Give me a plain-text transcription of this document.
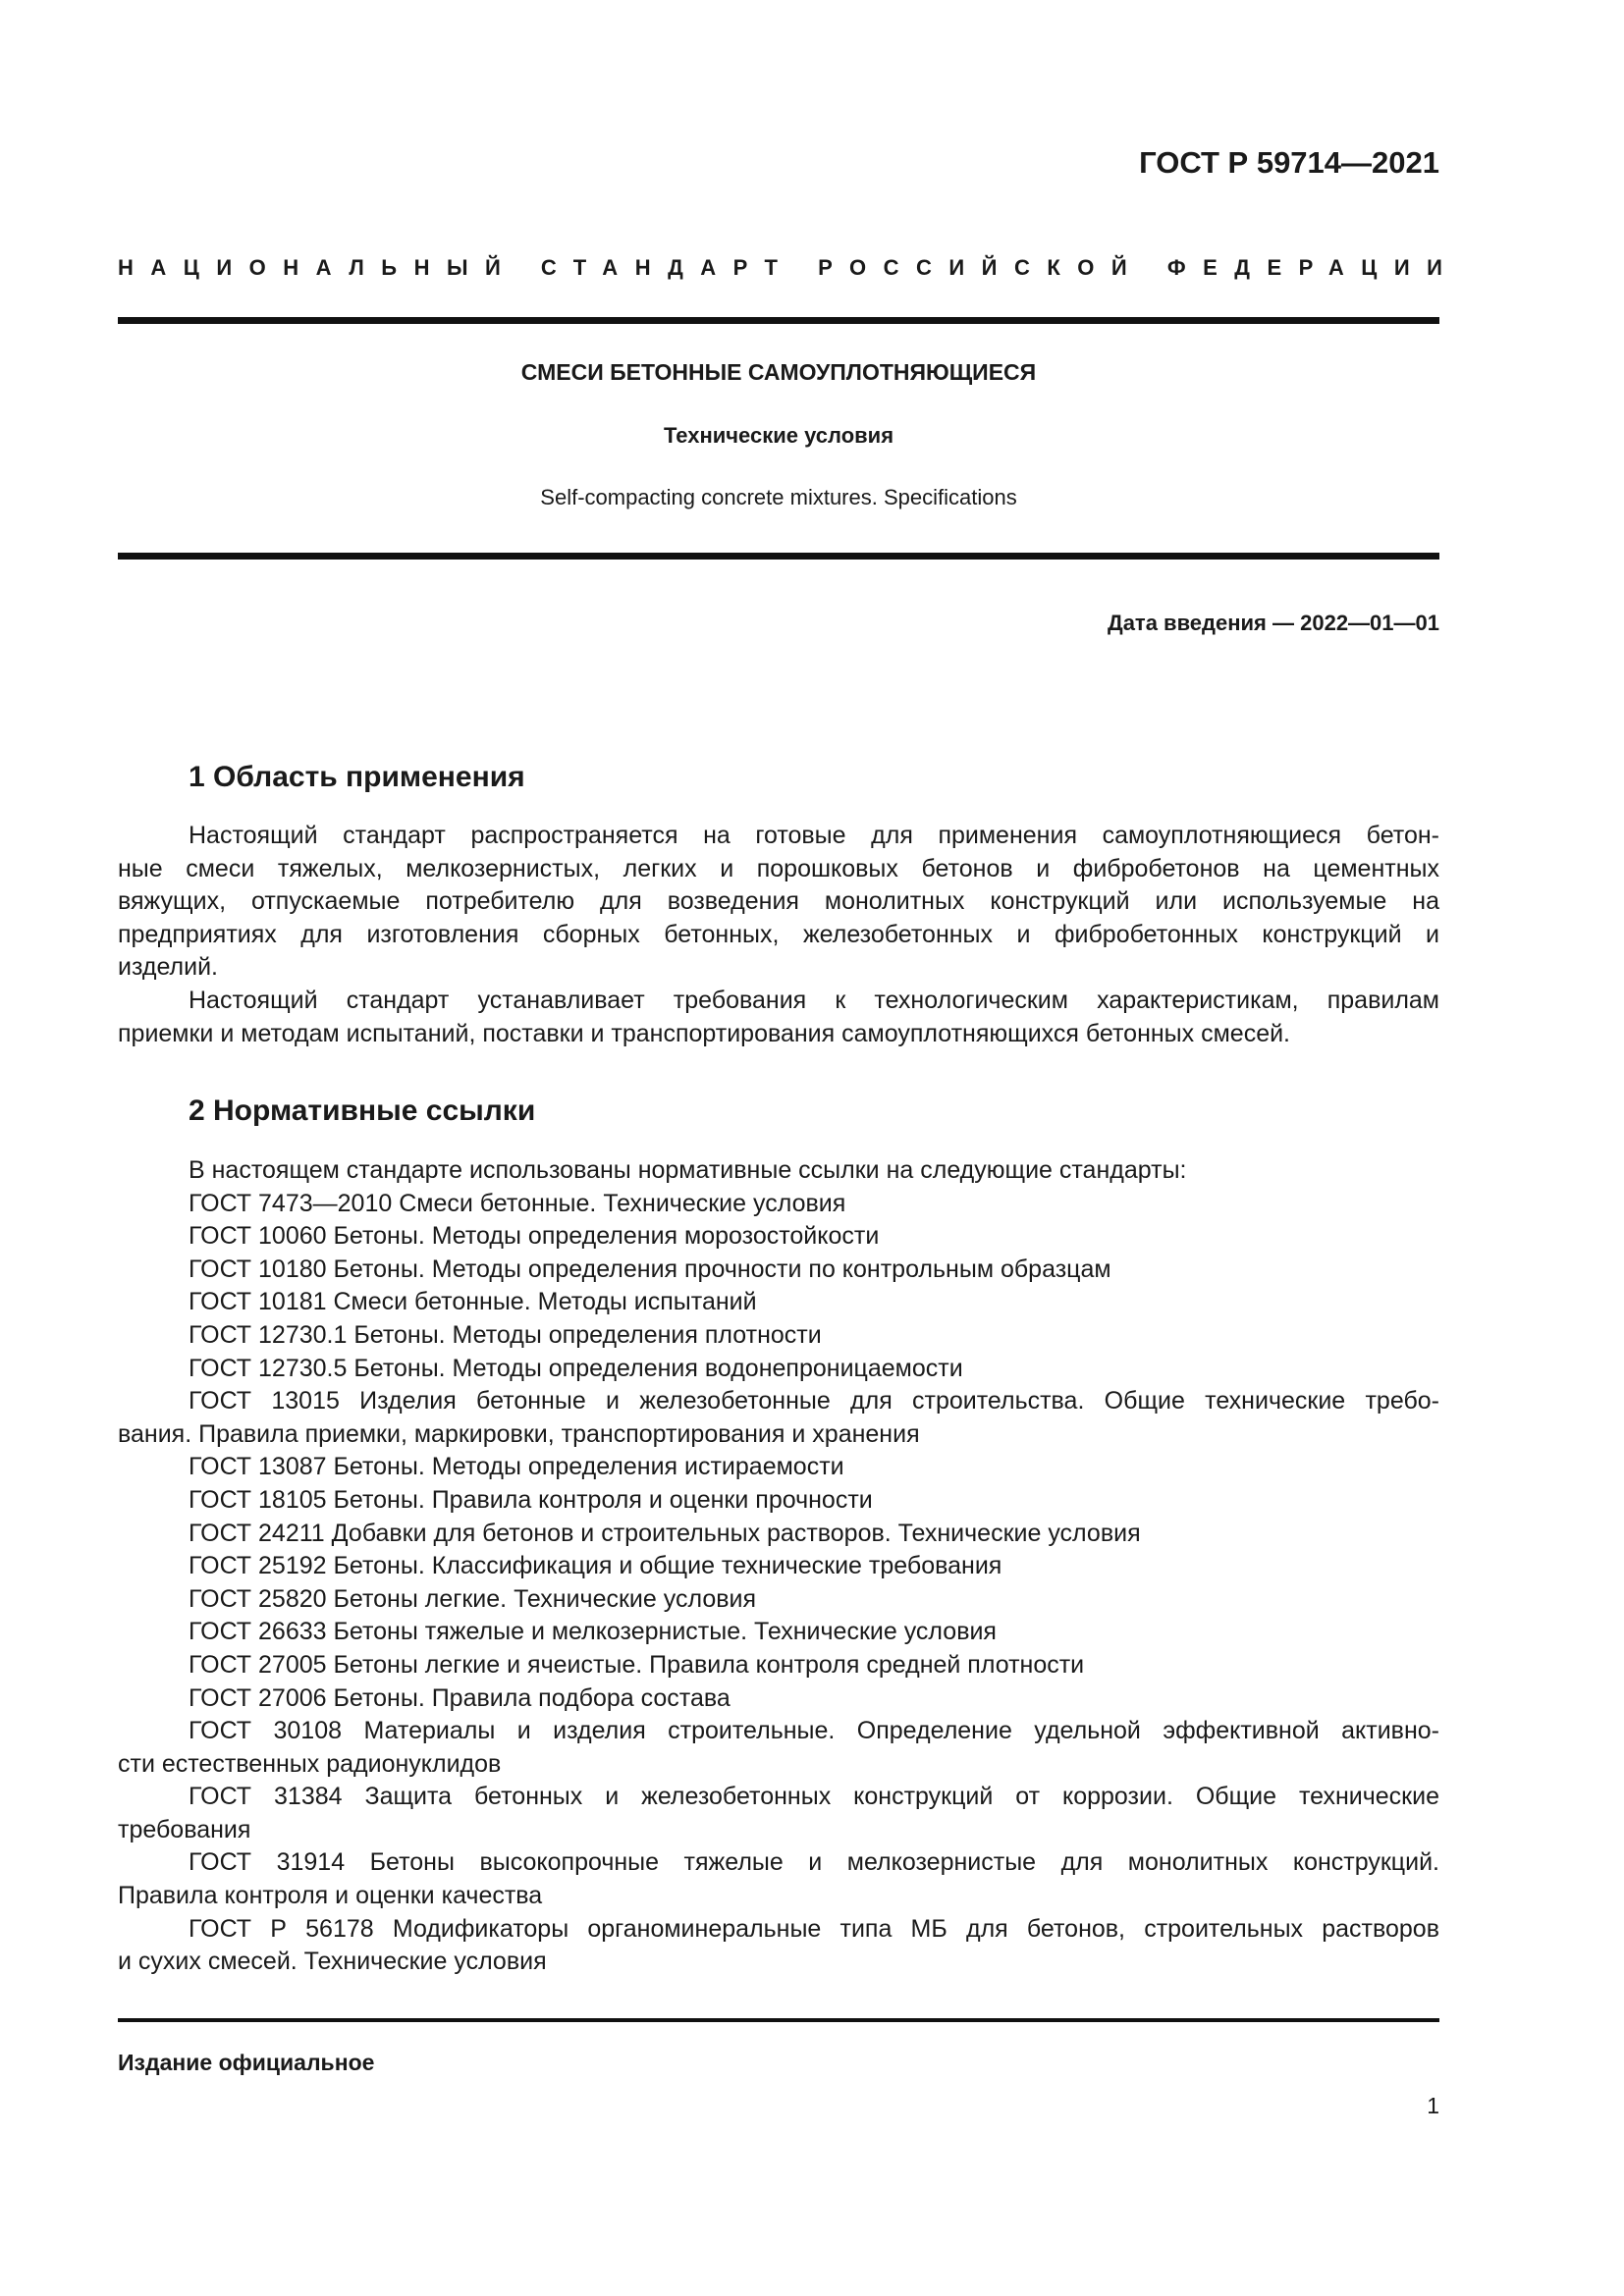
ГОСТ Р 59714—2021
НАЦИОНАЛЬНЫЙ СТАНДАРТ РОССИЙСКОЙ ФЕДЕРАЦИИ
СМЕСИ БЕТОННЫЕ САМОУПЛОТНЯЮЩИЕСЯ
Технические условия
Self-compacting concrete mixtures. Specifications
Дата введения — 2022—01—01
1 Область применения
Настоящий стандарт распространяется на готовые для применения самоуплотняющиеся бетон-
ные смеси тяжелых, мелкозернистых, легких и порошковых бетонов и фибробетонов на цементных
вяжущих, отпускаемые потребителю для возведения монолитных конструкций или используемые на
предприятиях для изготовления сборных бетонных, железобетонных и фибробетонных конструкций и
изделий.
Настоящий стандарт устанавливает требования к технологическим характеристикам, правилам
приемки и методам испытаний, поставки и транспортирования самоуплотняющихся бетонных смесей.
2 Нормативные ссылки
В настоящем стандарте использованы нормативные ссылки на следующие стандарты:
ГОСТ 7473—2010 Смеси бетонные. Технические условия
ГОСТ 10060 Бетоны. Методы определения морозостойкости
ГОСТ 10180 Бетоны. Методы определения прочности по контрольным образцам
ГОСТ 10181 Смеси бетонные. Методы испытаний
ГОСТ 12730.1 Бетоны. Методы определения плотности
ГОСТ 12730.5 Бетоны. Методы определения водонепроницаемости
ГОСТ 13015 Изделия бетонные и железобетонные для строительства. Общие технические требо-
вания. Правила приемки, маркировки, транспортирования и хранения
ГОСТ 13087 Бетоны. Методы определения истираемости
ГОСТ 18105 Бетоны. Правила контроля и оценки прочности
ГОСТ 24211 Добавки для бетонов и строительных растворов. Технические условия
ГОСТ 25192 Бетоны. Классификация и общие технические требования
ГОСТ 25820 Бетоны легкие. Технические условия
ГОСТ 26633 Бетоны тяжелые и мелкозернистые. Технические условия
ГОСТ 27005 Бетоны легкие и ячеистые. Правила контроля средней плотности
ГОСТ 27006 Бетоны. Правила подбора состава
ГОСТ 30108 Материалы и изделия строительные. Определение удельной эффективной активно-
сти естественных радионуклидов
ГОСТ 31384 Защита бетонных и железобетонных конструкций от коррозии. Общие технические
требования
ГОСТ 31914 Бетоны высокопрочные тяжелые и мелкозернистые для монолитных конструкций.
Правила контроля и оценки качества
ГОСТ Р 56178 Модификаторы органоминеральные типа МБ для бетонов, строительных растворов
и сухих смесей. Технические условия
Издание официальное
1
